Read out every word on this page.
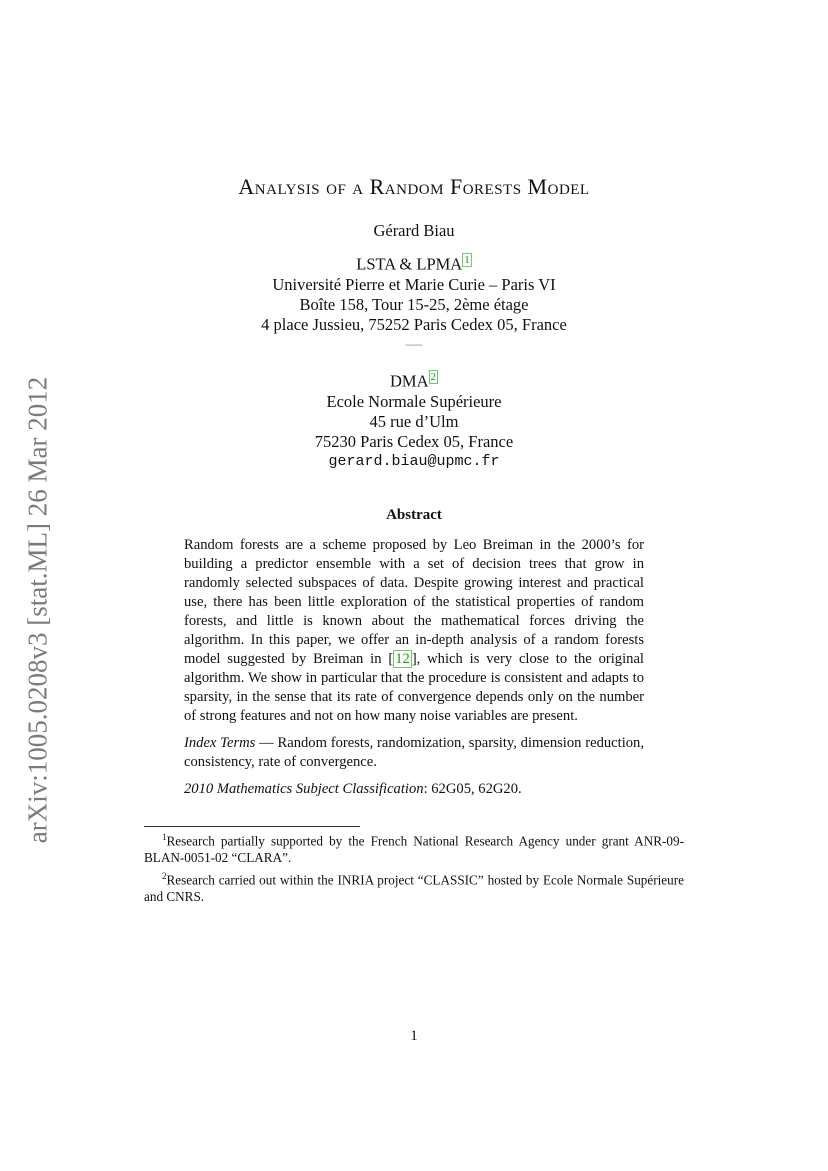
arXiv:1005.0208v3 [stat.ML] 26 Mar 2012
Analysis of a Random Forests Model
Gérard Biau
LSTA & LPMA $^1$
Université Pierre et Marie Curie – Paris VI
Boîte 158, Tour 15-25, 2ème étage
4 place Jussieu, 75252 Paris Cedex 05, France
—
DMA $^2$
Ecole Normale Supérieure
45 rue d’Ulm
75230 Paris Cedex 05, France
gerard.biau@upmc.fr
Abstract

Random forests are a scheme proposed by Leo Breiman in the 2000’s for building a predictor ensemble with a set of decision trees that grow in randomly selected subspaces of data. Despite growing interest and practical use, there has been little exploration of the statistical properties of random forests, and little is known about the mathematical forces driving the algorithm. In this paper, we offer an in-depth analysis of a random forests model suggested by Breiman in [ 12 ], which is very close to the original algorithm. We show in particular that the procedure is consistent and adapts to sparsity, in the sense that its rate of convergence depends only on the number of strong features and not on how many noise variables are present.

Index Terms — Random forests, randomization, sparsity, dimension reduction, consistency, rate of convergence.

2010 Mathematics Subject Classification: 62G05, 62G20.

$^1$Research partially supported by the French National Research Agency under grant ANR-09-BLAN-0051-02 “CLARA”.

$^2$Research carried out within the INRIA project “CLASSIC” hosted by Ecole Normale Supérieure and CNRS.

1
